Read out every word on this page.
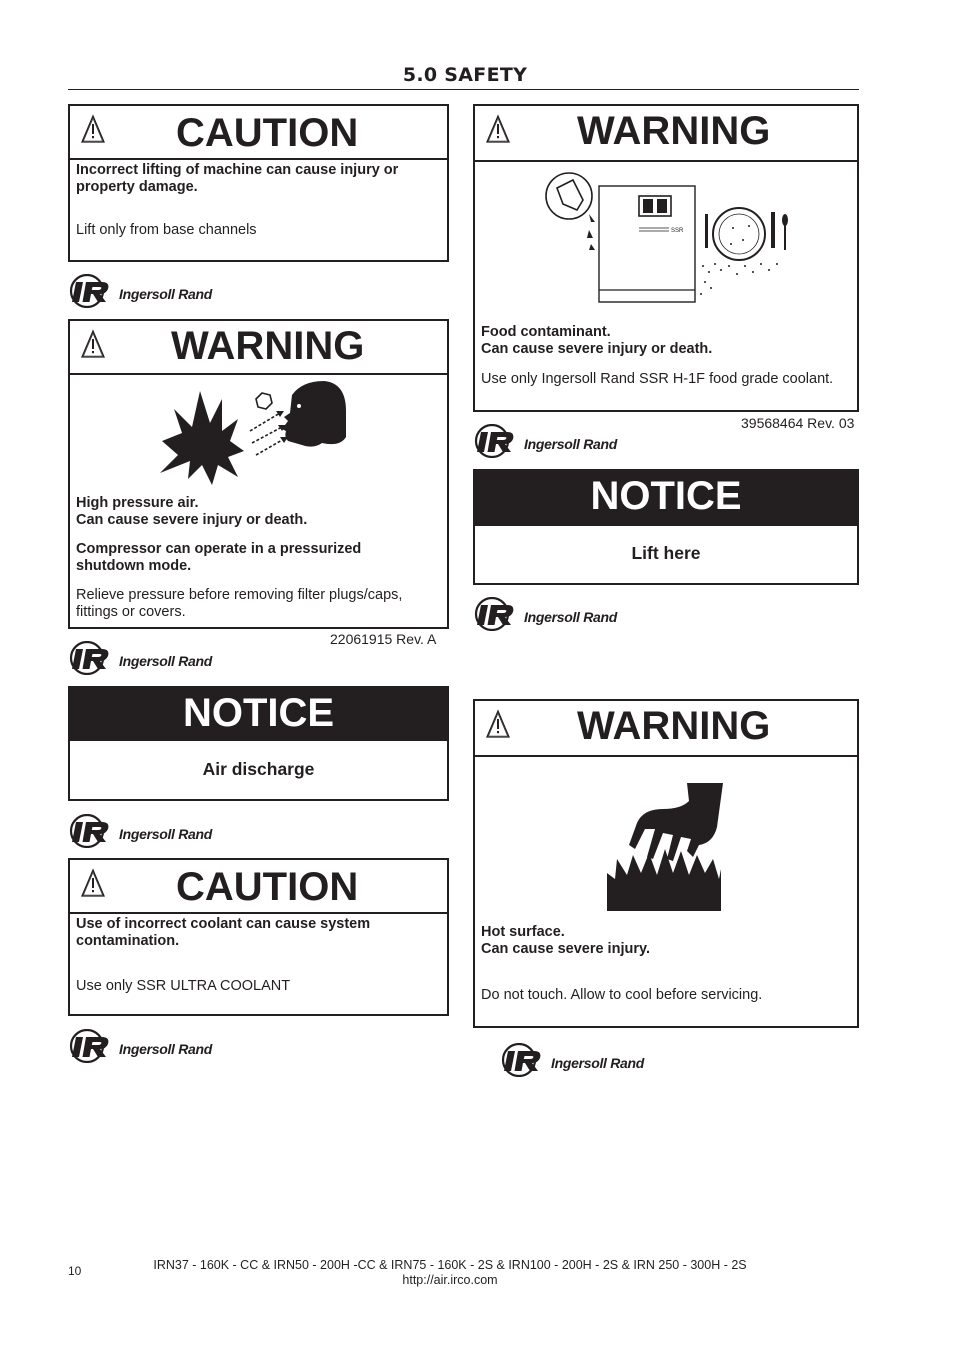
5.0 SAFETY
CAUTION
Incorrect lifting of machine can cause injury or
property damage.
Lift only from base channels
Ingersoll Rand
WARNING
High pressure air.
Can cause severe injury or death.
Compressor can operate in a pressurized
shutdown mode.
Relieve pressure before removing filter plugs/caps,
fittings or covers.
22061915 Rev. A
Ingersoll Rand
NOTICE
Air discharge
Ingersoll Rand
CAUTION
Use of incorrect coolant can cause system
contamination.
Use only SSR ULTRA COOLANT
Ingersoll Rand
WARNING
SSR
Food contaminant.
Can cause severe injury or death.
Use only Ingersoll Rand SSR H-1F food grade coolant.
39568464 Rev. 03
Ingersoll Rand
NOTICE
Lift here
Ingersoll Rand
WARNING
Hot surface.
Can cause severe injury.
Do not touch. Allow to cool before servicing.
Ingersoll Rand
10	IRN37 - 160K - CC & IRN50 - 200H -CC & IRN75 - 160K - 2S & IRN100 - 200H - 2S & IRN 250 - 300H - 2S
http://air.irco.com
